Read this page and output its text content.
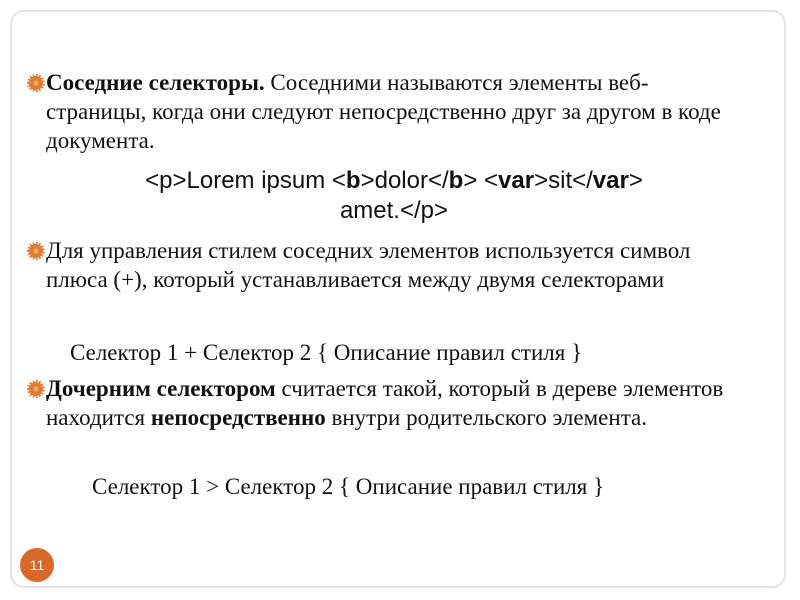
Соседние селекторы. Соседними называются элементы веб-страницы, когда они следуют непосредственно друг за другом в коде документа.
<p>Lorem ipsum <b>dolor</b> <var>sit</var>
amet.</p>
Для управления стилем соседних элементов используется символ плюса (+), который устанавливается между двумя селекторами
Селектор 1 + Селектор 2 { Описание правил стиля }
Дочерним селектором считается такой, который в дереве элементов находится непосредственно внутри родительского элемента.
Селектор 1 > Селектор 2 { Описание правил стиля }
11
